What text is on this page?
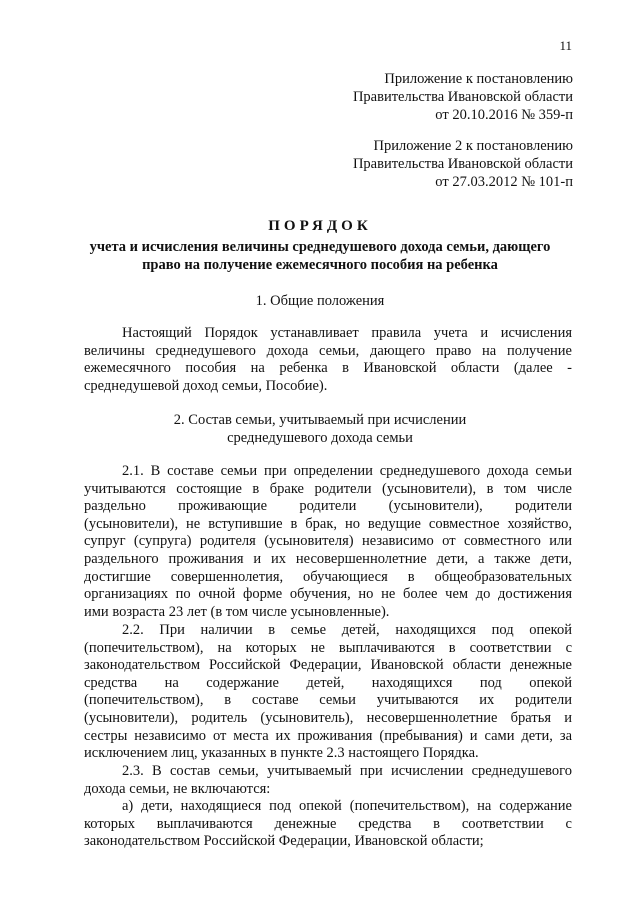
11
Приложение к постановлению
Правительства Ивановской области
от 20.10.2016 № 359-п
Приложение 2 к постановлению
Правительства Ивановской области
от 27.03.2012 № 101-п
ПОРЯДОК
учета и исчисления величины среднедушевого дохода семьи, дающего
право на получение ежемесячного пособия на ребенка
1. Общие положения
Настоящий Порядок устанавливает правила учета и исчисления
величины среднедушевого дохода семьи, дающего право на получение
ежемесячного пособия на ребенка в Ивановской области (далее -
среднедушевой доход семьи, Пособие).
2. Состав семьи, учитываемый при исчислении
среднедушевого дохода семьи
2.1. В составе семьи при определении среднедушевого дохода семьи
учитываются состоящие в браке родители (усыновители), в том числе
раздельно проживающие родители (усыновители), родители
(усыновители), не вступившие в брак, но ведущие совместное хозяйство,
супруг (супруга) родителя (усыновителя) независимо от совместного или
раздельного проживания и их несовершеннолетние дети, а также дети,
достигшие совершеннолетия, обучающиеся в общеобразовательных
организациях по очной форме обучения, но не более чем до достижения
ими возраста 23 лет (в том числе усыновленные).
2.2. При наличии в семье детей, находящихся под опекой
(попечительством), на которых не выплачиваются в соответствии с
законодательством Российской Федерации, Ивановской области денежные
средства на содержание детей, находящихся под опекой
(попечительством), в составе семьи учитываются их родители
(усыновители), родитель (усыновитель), несовершеннолетние братья и
сестры независимо от места их проживания (пребывания) и сами дети, за
исключением лиц, указанных в пункте 2.3 настоящего Порядка.
2.3. В состав семьи, учитываемый при исчислении среднедушевого
дохода семьи, не включаются:
а) дети, находящиеся под опекой (попечительством), на содержание
которых выплачиваются денежные средства в соответствии с
законодательством Российской Федерации, Ивановской области;
